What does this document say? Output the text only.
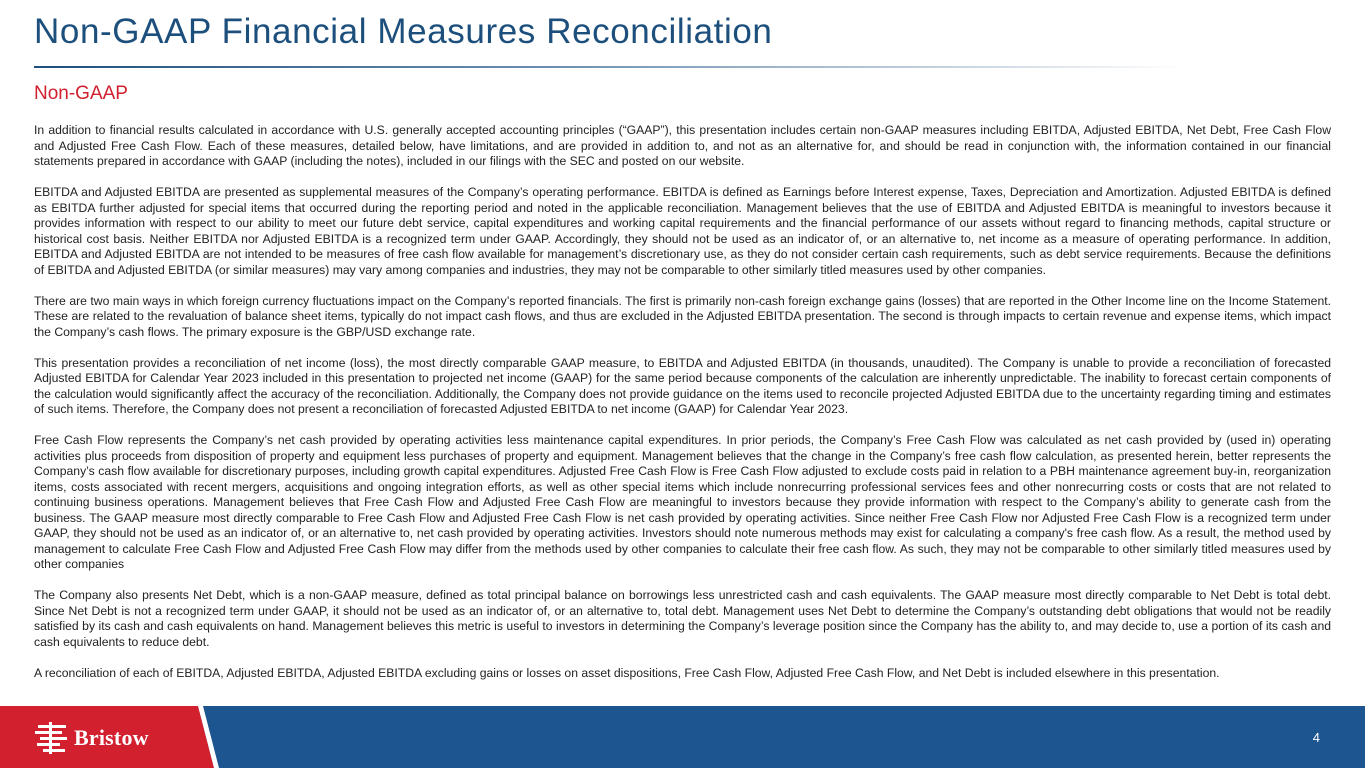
Non-GAAP Financial Measures Reconciliation
Non-GAAP

In addition to financial results calculated in accordance with U.S. generally accepted accounting principles (“GAAP”), this presentation includes certain non-GAAP measures including EBITDA, Adjusted EBITDA, Net Debt, Free Cash Flow and Adjusted Free Cash Flow. Each of these measures, detailed below, have limitations, and are provided in addition to, and not as an alternative for, and should be read in conjunction with, the information contained in our financial statements prepared in accordance with GAAP (including the notes), included in our filings with the SEC and posted on our website.

EBITDA and Adjusted EBITDA are presented as supplemental measures of the Company’s operating performance. EBITDA is defined as Earnings before Interest expense, Taxes, Depreciation and Amortization. Adjusted EBITDA is defined as EBITDA further adjusted for special items that occurred during the reporting period and noted in the applicable reconciliation. Management believes that the use of EBITDA and Adjusted EBITDA is meaningful to investors because it provides information with respect to our ability to meet our future debt service, capital expenditures and working capital requirements and the financial performance of our assets without regard to financing methods, capital structure or historical cost basis. Neither EBITDA nor Adjusted EBITDA is a recognized term under GAAP. Accordingly, they should not be used as an indicator of, or an alternative to, net income as a measure of operating performance. In addition, EBITDA and Adjusted EBITDA are not intended to be measures of free cash flow available for management’s discretionary use, as they do not consider certain cash requirements, such as debt service requirements. Because the definitions of EBITDA and Adjusted EBITDA (or similar measures) may vary among companies and industries, they may not be comparable to other similarly titled measures used by other companies.

There are two main ways in which foreign currency fluctuations impact on the Company’s reported financials. The first is primarily non-cash foreign exchange gains (losses) that are reported in the Other Income line on the Income Statement. These are related to the revaluation of balance sheet items, typically do not impact cash flows, and thus are excluded in the Adjusted EBITDA presentation. The second is through impacts to certain revenue and expense items, which impact the Company’s cash flows. The primary exposure is the GBP/USD exchange rate.

This presentation provides a reconciliation of net income (loss), the most directly comparable GAAP measure, to EBITDA and Adjusted EBITDA (in thousands, unaudited). The Company is unable to provide a reconciliation of forecasted Adjusted EBITDA for Calendar Year 2023 included in this presentation to projected net income (GAAP) for the same period because components of the calculation are inherently unpredictable. The inability to forecast certain components of the calculation would significantly affect the accuracy of the reconciliation. Additionally, the Company does not provide guidance on the items used to reconcile projected Adjusted EBITDA due to the uncertainty regarding timing and estimates of such items. Therefore, the Company does not present a reconciliation of forecasted Adjusted EBITDA to net income (GAAP) for Calendar Year 2023.

Free Cash Flow represents the Company’s net cash provided by operating activities less maintenance capital expenditures. In prior periods, the Company’s Free Cash Flow was calculated as net cash provided by (used in) operating activities plus proceeds from disposition of property and equipment less purchases of property and equipment. Management believes that the change in the Company’s free cash flow calculation, as presented herein, better represents the Company’s cash flow available for discretionary purposes, including growth capital expenditures. Adjusted Free Cash Flow is Free Cash Flow adjusted to exclude costs paid in relation to a PBH maintenance agreement buy-in, reorganization items, costs associated with recent mergers, acquisitions and ongoing integration efforts, as well as other special items which include nonrecurring professional services fees and other nonrecurring costs or costs that are not related to continuing business operations. Management believes that Free Cash Flow and Adjusted Free Cash Flow are meaningful to investors because they provide information with respect to the Company’s ability to generate cash from the business. The GAAP measure most directly comparable to Free Cash Flow and Adjusted Free Cash Flow is net cash provided by operating activities. Since neither Free Cash Flow nor Adjusted Free Cash Flow is a recognized term under GAAP, they should not be used as an indicator of, or an alternative to, net cash provided by operating activities. Investors should note numerous methods may exist for calculating a company's free cash flow. As a result, the method used by management to calculate Free Cash Flow and Adjusted Free Cash Flow may differ from the methods used by other companies to calculate their free cash flow. As such, they may not be comparable to other similarly titled measures used by other companies

The Company also presents Net Debt, which is a non-GAAP measure, defined as total principal balance on borrowings less unrestricted cash and cash equivalents. The GAAP measure most directly comparable to Net Debt is total debt. Since Net Debt is not a recognized term under GAAP, it should not be used as an indicator of, or an alternative to, total debt. Management uses Net Debt to determine the Company’s outstanding debt obligations that would not be readily satisfied by its cash and cash equivalents on hand. Management believes this metric is useful to investors in determining the Company’s leverage position since the Company has the ability to, and may decide to, use a portion of its cash and cash equivalents to reduce debt.

A reconciliation of each of EBITDA, Adjusted EBITDA, Adjusted EBITDA excluding gains or losses on asset dispositions, Free Cash Flow, Adjusted Free Cash Flow, and Net Debt is included elsewhere in this presentation.

Bristow	4
